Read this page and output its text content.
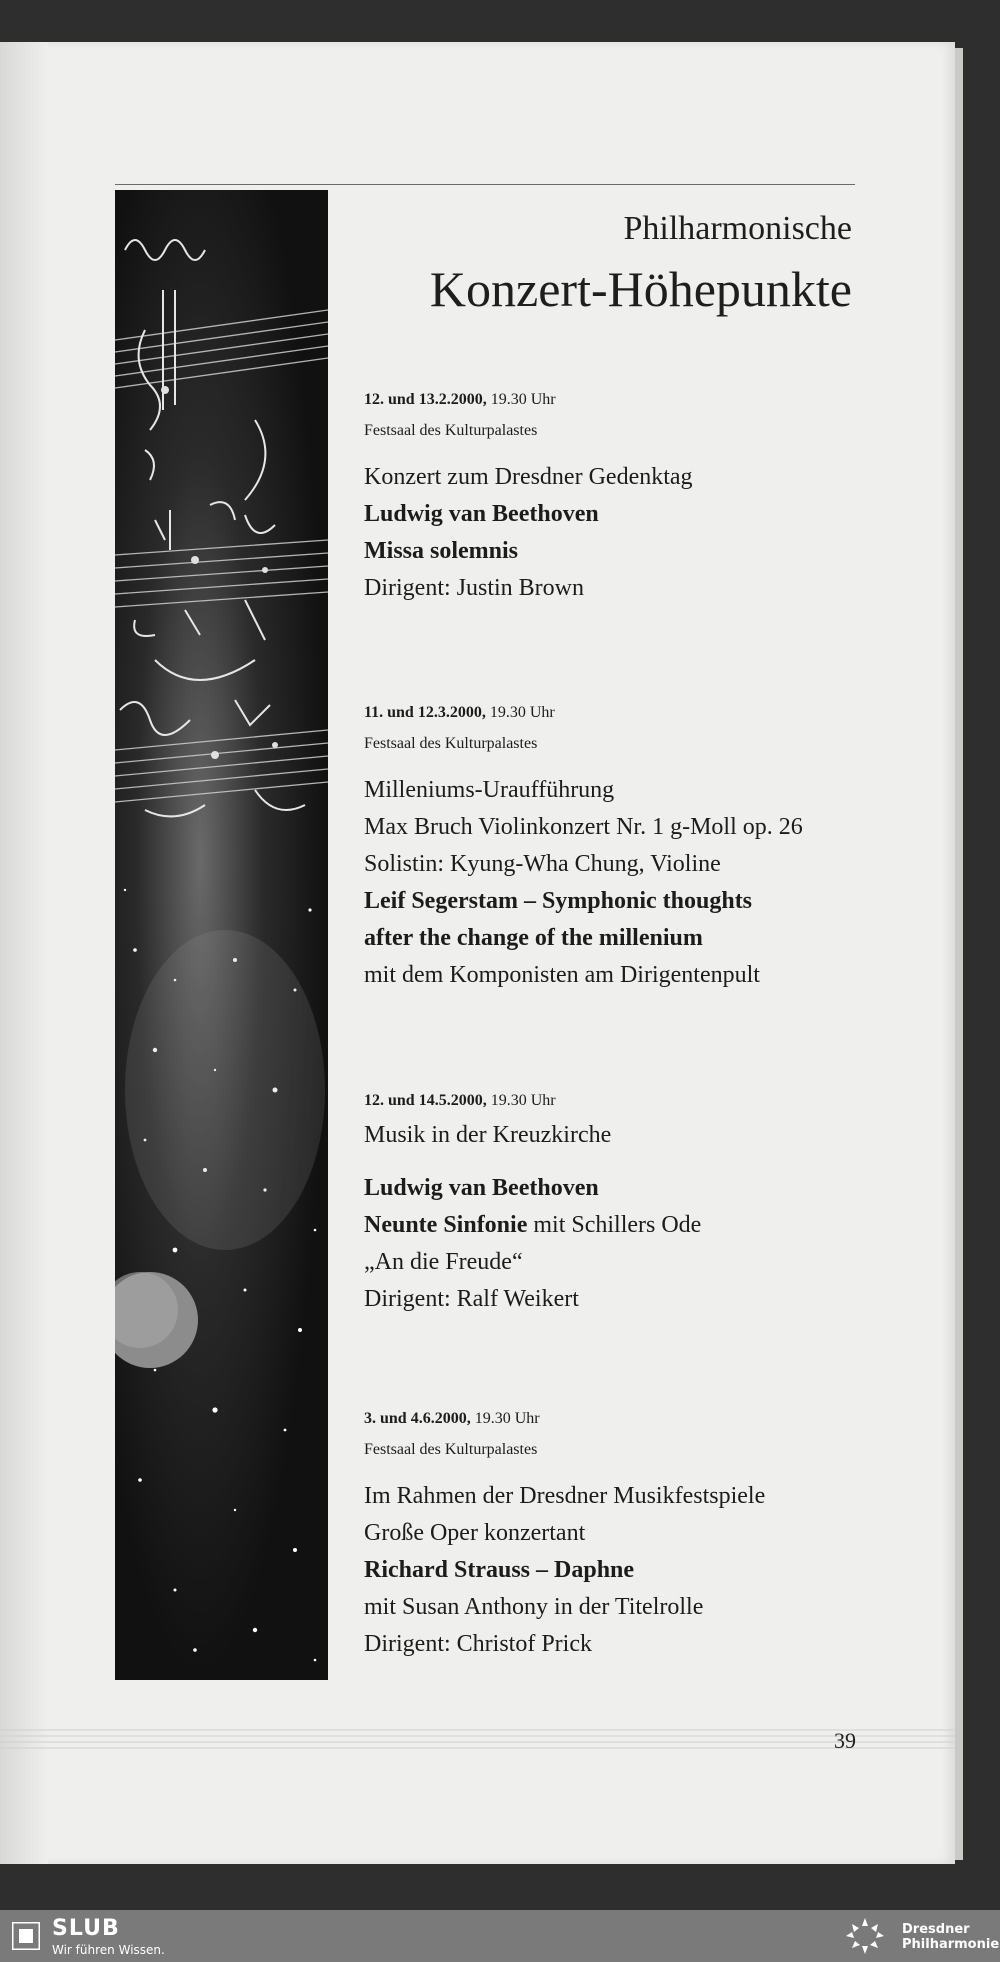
Philharmonische
Konzert-Höhepunkte
12. und 13.2.2000, 19.30 Uhr
Festsaal des Kulturpalastes
Konzert zum Dresdner Gedenktag
Ludwig van Beethoven
Missa solemnis
Dirigent: Justin Brown
11. und 12.3.2000, 19.30 Uhr
Festsaal des Kulturpalastes
Milleniums-Uraufführung
Max Bruch Violinkonzert Nr. 1 g-Moll op. 26
Solistin: Kyung-Wha Chung, Violine
Leif Segerstam – Symphonic thoughts
after the change of the millenium
mit dem Komponisten am Dirigentenpult
12. und 14.5.2000, 19.30 Uhr
Musik in der Kreuzkirche
Ludwig van Beethoven
Neunte Sinfonie mit Schillers Ode
„An die Freude“
Dirigent: Ralf Weikert
3. und 4.6.2000, 19.30 Uhr
Festsaal des Kulturpalastes
Im Rahmen der Dresdner Musikfestspiele
Große Oper konzertant
Richard Strauss – Daphne
mit Susan Anthony in der Titelrolle
Dirigent: Christof Prick
39
SLUB
Wir führen Wissen.
Dresdner
Philharmonie
